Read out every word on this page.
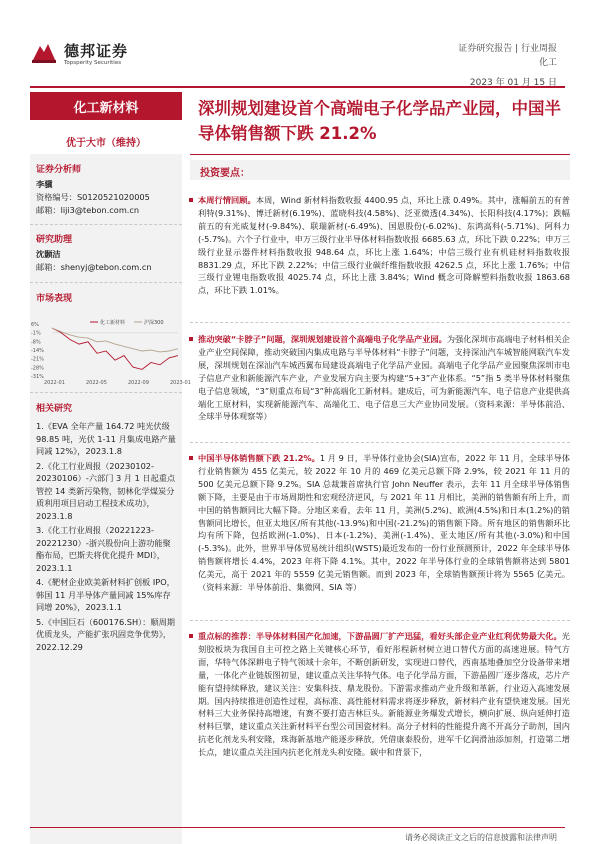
德邦证券
Topsperity Securities
证券研究报告 | 行业周报
化工
2023 年 01 月 15 日
化工新材料
优于大市（维持）
证券分析师
李骥
资格编号：S0120521020005
邮箱：liji3@tebon.com.cn
研究助理
沈颢洁
邮箱：shenyj@tebon.com.cn
市场表现
6%
-1%
-8%
-14%
-21%
-28%
-31%
2022-01	2022-05	2022-09	2023-01
化工新材料	沪深300
相关研究
1.《EVA 全年产量 164.72 吨光伏级 98.85 吨，光伏 1-11 月集成电路产量同减 12%》，2023.1.8
2.《化工行业周报（20230102-20230106）-六部门 3 月 1 日起重点管控 14 类新污染物，韧林化学煤炭分质利用项目启动工程技术成功》，2023.1.8
3.《化工行业周报（20221223-20221230）-浙兴股份向上游功能聚酯布局，巴斯夫将优化提升 MDI》，2023.1.1
4.《靶材企业欧美新材料扩创板 IPO，韩国 11 月半导体产量同减 15%库存同增 20%》，2023.1.1
5.《中国巨石（600176.SH）：顺周期优质龙头，产能扩张巩固竞争优势》，2022.12.29
深圳规划建设首个高端电子化学品产业园，中国半导体销售额下跌 21.2%
投资要点：
本周行情回顾。本周，Wind 新材料指数收报 4400.95 点，环比上涨 0.49%。其中，涨幅前五的有普利特(9.31%)、博迁新材(6.19%)、蓝晓科技(4.58%)、泛亚微透(4.34%)、长阳科技(4.17%)；跌幅前五的有光威复材(-9.84%)、联瑞新材(-6.49%)、国恩股份(-6.02%)、东鸿高科(-5.71%)、阿科力(-5.7%)。六个子行业中，申万三级行业半导体材料指数收报 6685.63 点，环比下跌 0.22%；申万三级行业显示器件材料指数收报 948.64 点，环比上涨 1.64%；中信三级行业有机硅材料指数收报 8831.29 点，环比下跌 2.22%；中信三级行业碳纤维指数收报 4262.5 点，环比上涨 1.76%；中信三级行业锂电指数收报 4025.74 点，环比上涨 3.84%；Wind 概念可降解塑料指数收报 1863.68 点，环比下跌 1.01%。
推动突破“卡脖子”问题，深圳规划建设首个高端电子化学品产业园。为强化深圳市高端电子材料相关企业产业空间保障，推动突破国内集成电路与半导体材料“卡脖子”问题，支持深汕汽车城智能网联汽车发展，深圳规划在深汕汽车城西翼布局建设高端电子化学品产业园。高端电子化学品产业园聚焦深圳市电子信息产业和新能源汽车产业，产业发展方向主要为构建“5+3”产业体系。“5”指 5 类半导体材料聚焦电子信息领域，“3”则重点布局“3”种高端化工新材料。建成后，可为新能源汽车、电子信息产业提供高端化工原材料，实现新能源汽车、高端化工、电子信息三大产业协同发展。（资料来源：半导体前沿、全球半导体观察等）
中国半导体销售额下跌 21.2%。1 月 9 日，半导体行业协会(SIA)宣布，2022 年 11 月，全球半导体行业销售额为 455 亿美元，较 2022 年 10 月的 469 亿美元总额下降 2.9%，较 2021 年 11 月的 500 亿美元总额下降 9.2%。SIA 总裁兼首席执行官 John Neuffer 表示，去年 11 月全球半导体销售额下降，主要是由于市场周期性和宏观经济逆风，与 2021 年 11 月相比，美洲的销售额有所上升，而中国的销售额同比大幅下降。分地区来看，去年 11 月，美洲(5.2%)、欧洲(4.5%)和日本(1.2%)的销售额同比增长，但亚太地区/所有其他(-13.9%)和中国(-21.2%)的销售额下降。所有地区的销售额环比均有所下降，包括欧洲(-1.0%)、日本(-1.2%)、美洲(-1.4%)、亚太地区/所有其他(-3.0%)和中国(-5.3%)。此外，世界半导体贸易统计组织(WSTS)最近发布的一份行业预测预计，2022 年全球半导体销售额将增长 4.4%，2023 年将下降 4.1%。其中，2022 年半导体行业的全球销售额将达到 5801 亿美元，高于 2021 年的 5559 亿美元销售额。而到 2023 年，全球销售额预计将为 5565 亿美元。（资料来源：半导体前沿、集微网、SIA 等）
重点标的推荐：半导体材料国产化加速，下游晶圆厂扩产迅猛，看好头部企业产业红利优势最大化。光刻胶板块为我国自主可控之路上关键核心环节，看好彤程新材树立进口替代方面的高速进展。特气方面，华特气体深耕电子特气领域十余年，不断创新研发，实现进口替代，西南基地叠加空分设备带来增量，一体化产业链版图初显，建议重点关注华特气体。电子化学品方面，下游晶圆厂逐步落成，芯片产能有望持续释放，建议关注：安集科技、鼎龙股份。下游需求推动产业升级和革新，行业迈入高速发展期。国内持续推进创造性过程，高标准、高性能材料需求将逐步释放，新材料产业有望快速发展。国光材料三大业务保持高增速，有赛不要打造吉林巨头。新能源业务爆发式增长，横向扩展、纵向延伸打造材料巨擘，建议重点关注新材料平台型公司国瓷材料。高分子材料的性能提升离不开高分子助剂，国内抗老化剂龙头利安隆，珠海新基地产能逐步释放，凭借康泰股份，进军千亿润滑油添加剂，打造第二增长点，建议重点关注国内抗老化剂龙头利安隆。碳中和背景下，
请务必阅读正文之后的信息披露和法律声明
